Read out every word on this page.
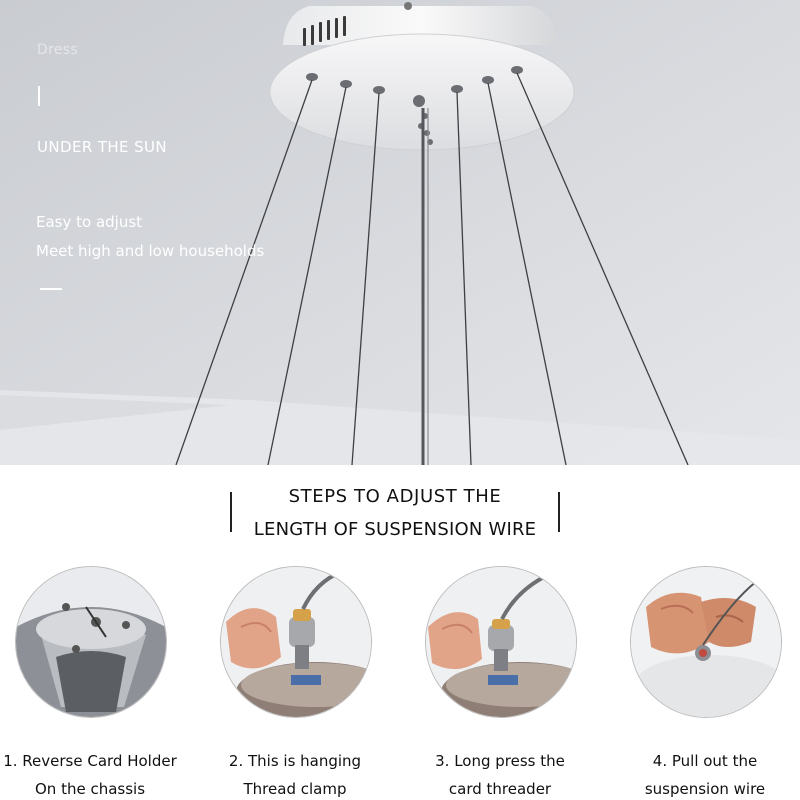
Dress
UNDER THE SUN
Easy to adjust
Meet high and low households
STEPS TO ADJUST THE
LENGTH OF SUSPENSION WIRE
1. Reverse Card Holder
On the chassis
2. This is hanging
Thread clamp
3. Long press the
card threader
4. Pull out the
suspension wire
